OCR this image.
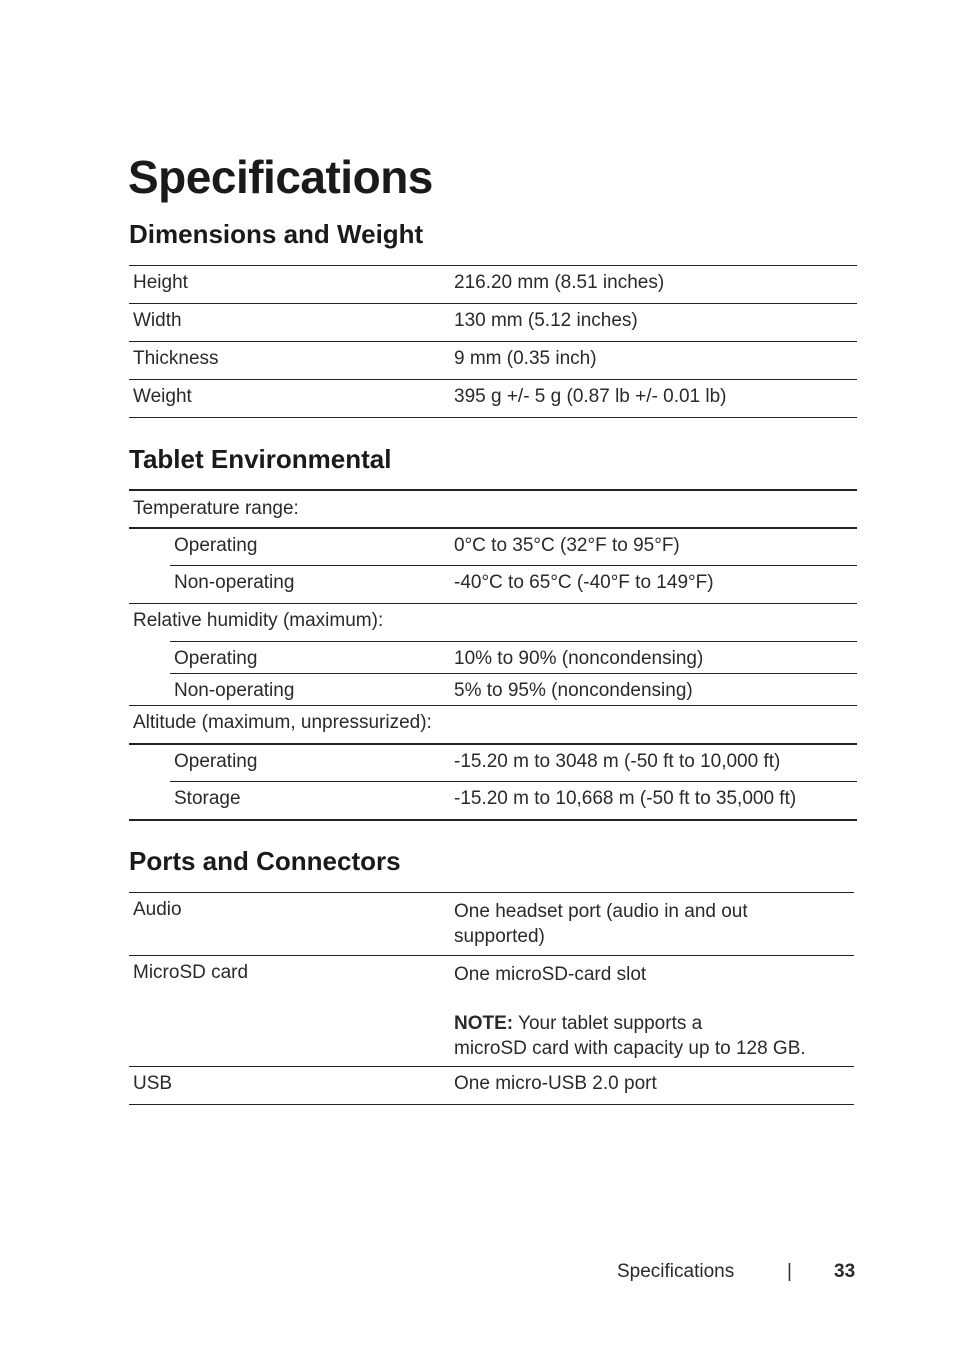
Specifications
Dimensions and Weight
Height	216.20 mm (8.51 inches)
Width	130 mm (5.12 inches)
Thickness	9 mm (0.35 inch)
Weight	395 g +/- 5 g (0.87 lb +/- 0.01 lb)
Tablet Environmental
Temperature range:
Operating	0°C to 35°C (32°F to 95°F)
Non-operating	-40°C to 65°C (-40°F to 149°F)
Relative humidity (maximum):
Operating	10% to 90% (noncondensing)
Non-operating	5% to 95% (noncondensing)
Altitude (maximum, unpressurized):
Operating	-15.20 m to 3048 m (-50 ft to 10,000 ft)
Storage	-15.20 m to 10,668 m (-50 ft to 35,000 ft)
Ports and Connectors
Audio	One headset port (audio in and out
supported)
MicroSD card	One microSD-card slot
NOTE: Your tablet supports a
microSD card with capacity up to 128 GB.
USB	One micro-USB 2.0 port
Specifications	| 33
